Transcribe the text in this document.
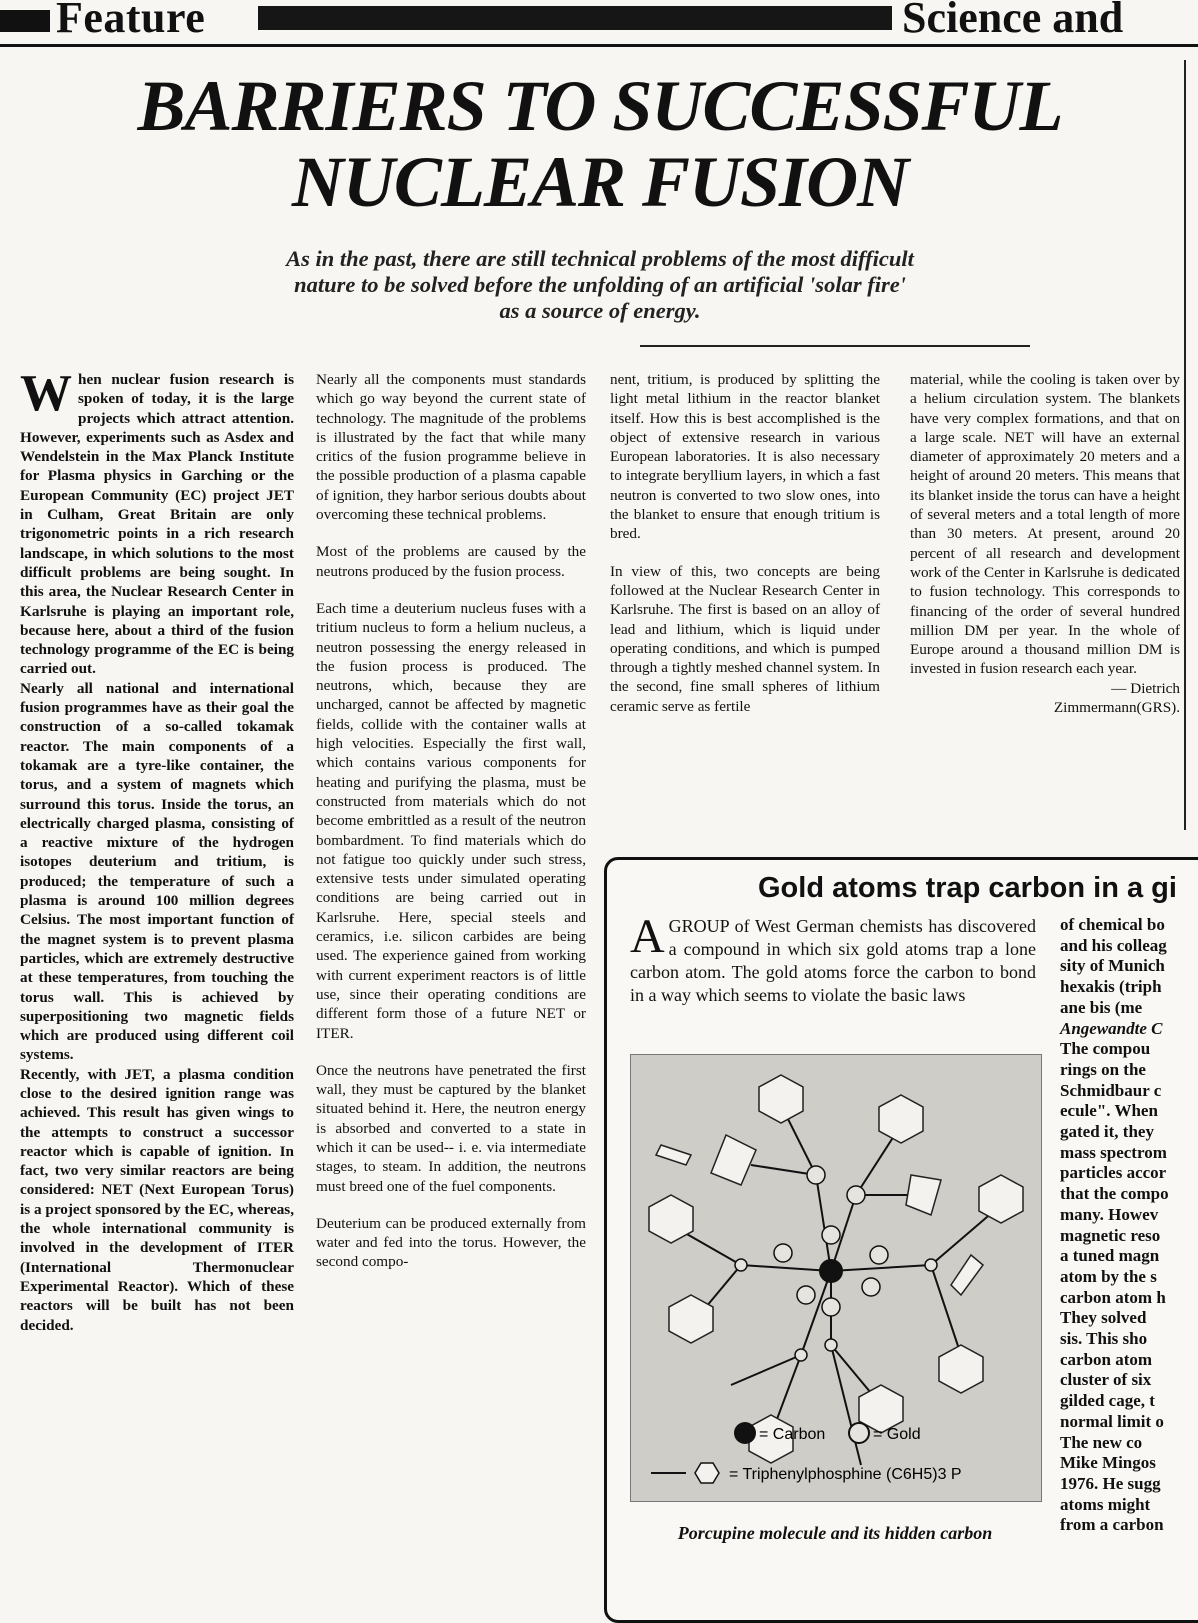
Feature	Science and
BARRIERS TO SUCCESSFUL
NUCLEAR FUSION
As in the past, there are still technical problems of the most difficult
nature to be solved before the unfolding of an artificial 'solar fire'
as a source of energy.
W hen nuclear fusion research is spoken of today, it is the large projects which attract attention. However, experiments such as Asdex and Wendelstein in the Max Planck Institute for Plasma physics in Garching or the European Community (EC) project JET in Culham, Great Britain are only trigonometric points in a rich research landscape, in which solutions to the most difficult problems are being sought. In this area, the Nuclear Research Center in Karlsruhe is playing an important role, because here, about a third of the fusion technology programme of the EC is being carried out.

Nearly all national and international fusion programmes have as their goal the construction of a so-called tokamak reactor. The main components of a tokamak are a tyre-like container, the torus, and a system of magnets which surround this torus. Inside the torus, an electrically charged plasma, consisting of a reactive mixture of the hydrogen isotopes deuterium and tritium, is produced; the temperature of such a plasma is around 100 million degrees Celsius. The most important function of the magnet system is to prevent plasma particles, which are extremely destructive at these temperatures, from touching the torus wall. This is achieved by superpositioning two magnetic fields which are produced using different coil systems.

Recently, with JET, a plasma condition close to the desired ignition range was achieved. This result has given wings to the attempts to construct a successor reactor which is capable of ignition. In fact, two very similar reactors are being considered: NET (Next European Torus) is a project sponsored by the EC, whereas, the whole international community is involved in the development of ITER (International Thermonuclear Experimental Reactor). Which of these reactors will be built has not been decided.

Nearly all the components must standards which go way beyond the current state of technology. The magnitude of the problems is illustrated by the fact that while many critics of the fusion programme believe in the possible production of a plasma capable of ignition, they harbor serious doubts about overcoming these technical problems.

Most of the problems are caused by the neutrons produced by the fusion process.

Each time a deuterium nucleus fuses with a tritium nucleus to form a helium nucleus, a neutron possessing the energy released in the fusion process is produced. The neutrons, which, because they are uncharged, cannot be affected by magnetic fields, collide with the container walls at high velocities. Especially the first wall, which contains various components for heating and purifying the plasma, must be constructed from materials which do not become embrittled as a result of the neutron bombardment. To find materials which do not fatigue too quickly under such stress, extensive tests under simulated operating conditions are being carried out in Karlsruhe. Here, special steels and ceramics, i.e. silicon carbides are being used. The experience gained from working with current experiment reactors is of little use, since their operating conditions are different form those of a future NET or ITER.

Once the neutrons have penetrated the first wall, they must be captured by the blanket situated behind it. Here, the neutron energy is absorbed and converted to a state in which it can be used-- i. e. via intermediate stages, to steam. In addition, the neutrons must breed one of the fuel components.

Deuterium can be produced externally from water and fed into the torus. However, the second compo-

nent, tritium, is produced by splitting the light metal lithium in the reactor blanket itself. How this is best accomplished is the object of extensive research in various European laboratories. It is also necessary to integrate beryllium layers, in which a fast neutron is converted to two slow ones, into the blanket to ensure that enough tritium is bred.

In view of this, two concepts are being followed at the Nuclear Research Center in Karlsruhe. The first is based on an alloy of lead and lithium, which is liquid under operating conditions, and which is pumped through a tightly meshed channel system. In the second, fine small spheres of lithium ceramic serve as fertile

material, while the cooling is taken over by a helium circulation system. The blankets have very complex formations, and that on a large scale. NET will have an external diameter of approximately 20 meters and a height of around 20 meters. This means that its blanket inside the torus can have a height of several meters and a total length of more than 30 meters. At present, around 20 percent of all research and development work of the Center in Karlsruhe is dedicated to fusion technology. This corresponds to financing of the order of several hundred million DM per year. In the whole of Europe around a thousand million DM is invested in fusion research each year.

— Dietrich

Zimmermann(GRS).

Gold atoms trap carbon in a gi
A GROUP of West German chemists has discovered a compound in which six gold atoms trap a lone carbon atom. The gold atoms force the carbon to bond in a way which seems to violate the basic laws
of chemical bo
and his colleag
sity of Munich
hexakis (triph
ane bis (me
Angewandte C
The compou
rings on the
Schmidbaur c
ecule". When
gated it, they
mass spectrom
particles accor
that the compo
many. Howev
magnetic reso
a tuned magn
atom by the s
carbon atom h
They solved
sis. This sho
carbon atom
cluster of six
gilded cage, t
normal limit o
The new co
Mike Mingos
1976. He sugg
atoms might
from a carbon
= Carbon	= Gold
= Triphenylphosphine (C6H5)3 P
Porcupine molecule and its hidden carbon
